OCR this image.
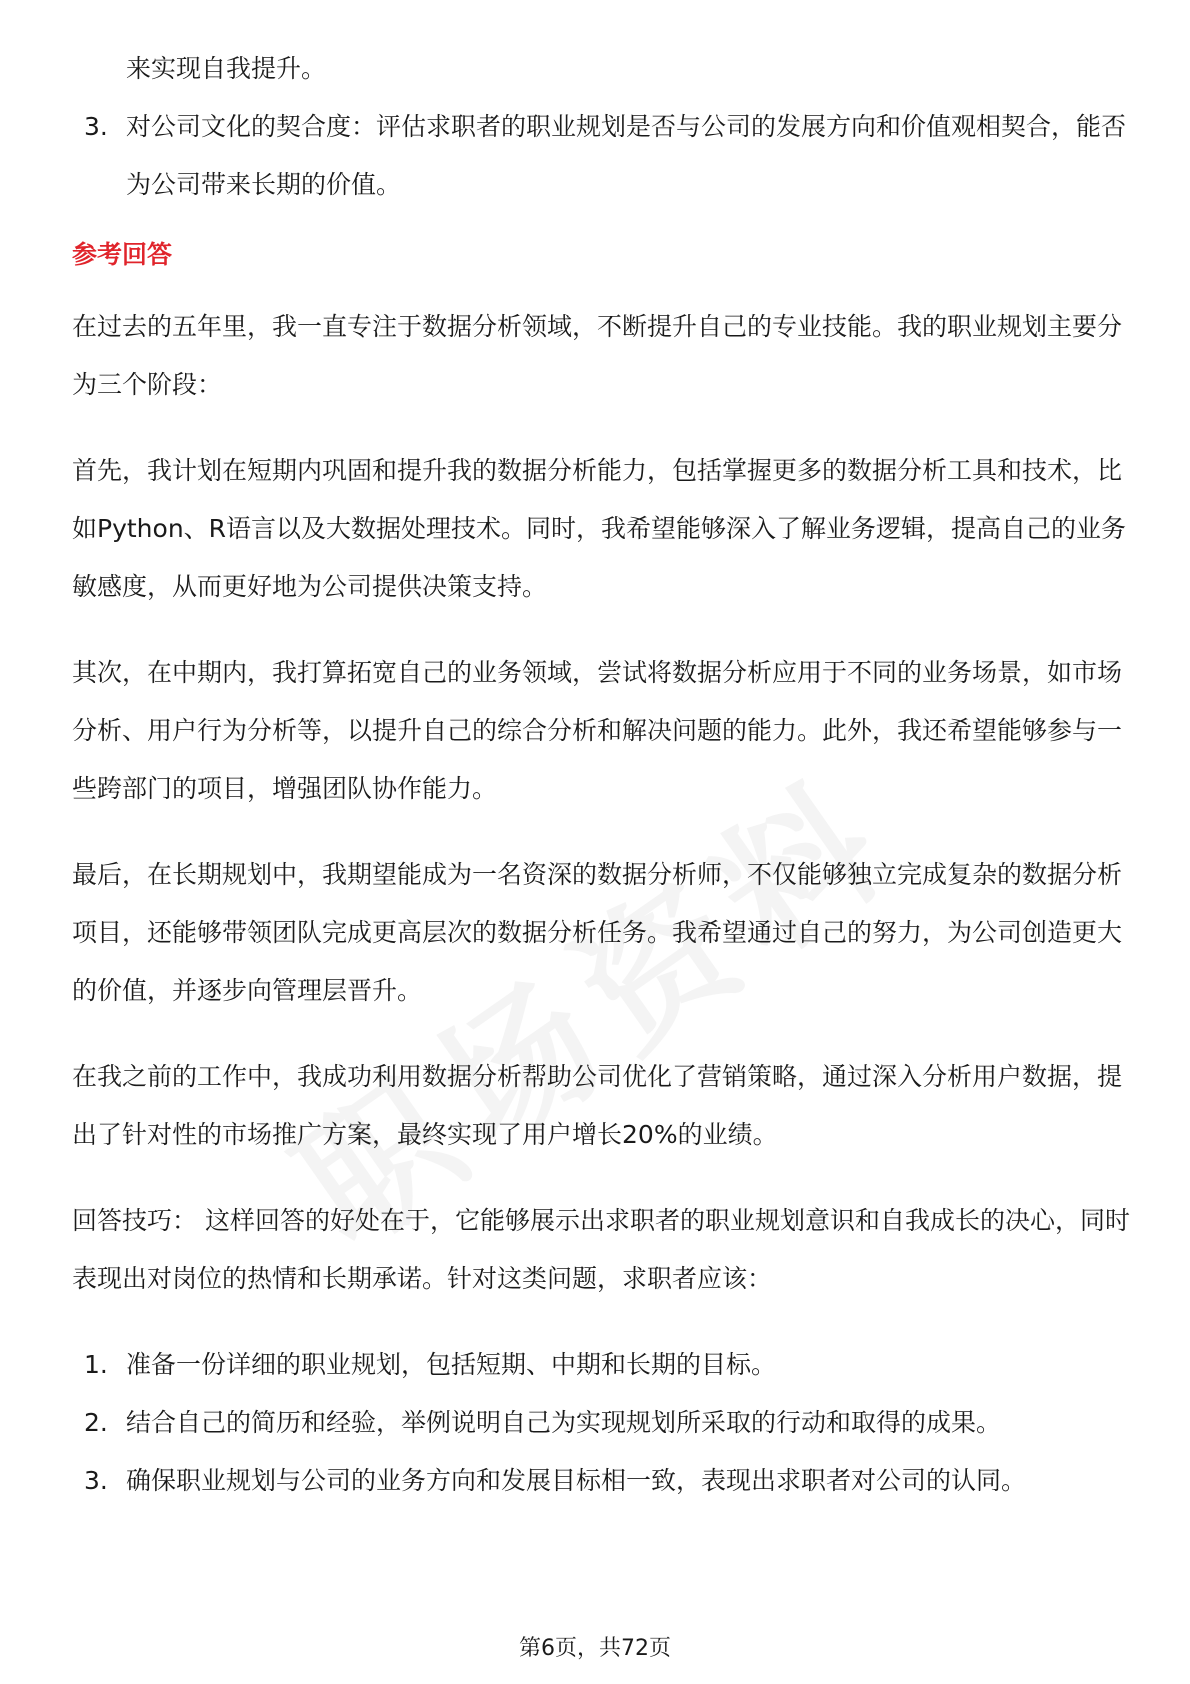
来实现自我提升。
3. 对公司文化的契合度：评估求职者的职业规划是否与公司的发展方向和价值观相契合，能否为公司带来长期的价值。
参考回答

在过去的五年里，我一直专注于数据分析领域，不断提升自己的专业技能。我的职业规划主要分为三个阶段：

首先，我计划在短期内巩固和提升我的数据分析能力，包括掌握更多的数据分析工具和技术，比如Python、R语言以及大数据处理技术。同时，我希望能够深入了解业务逻辑，提高自己的业务敏感度，从而更好地为公司提供决策支持。

其次，在中期内，我打算拓宽自己的业务领域，尝试将数据分析应用于不同的业务场景，如市场分析、用户行为分析等，以提升自己的综合分析和解决问题的能力。此外，我还希望能够参与一些跨部门的项目，增强团队协作能力。

最后，在长期规划中，我期望能成为一名资深的数据分析师，不仅能够独立完成复杂的数据分析项目，还能够带领团队完成更高层次的数据分析任务。我希望通过自己的努力，为公司创造更大的价值，并逐步向管理层晋升。

在我之前的工作中，我成功利用数据分析帮助公司优化了营销策略，通过深入分析用户数据，提出了针对性的市场推广方案，最终实现了用户增长20%的业绩。

回答技巧： 这样回答的好处在于，它能够展示出求职者的职业规划意识和自我成长的决心，同时表现出对岗位的热情和长期承诺。针对这类问题，求职者应该：

1. 准备一份详细的职业规划，包括短期、中期和长期的目标。
2. 结合自己的简历和经验，举例说明自己为实现规划所采取的行动和取得的成果。
3. 确保职业规划与公司的业务方向和发展目标相一致，表现出求职者对公司的认同。
第6页，共72页
